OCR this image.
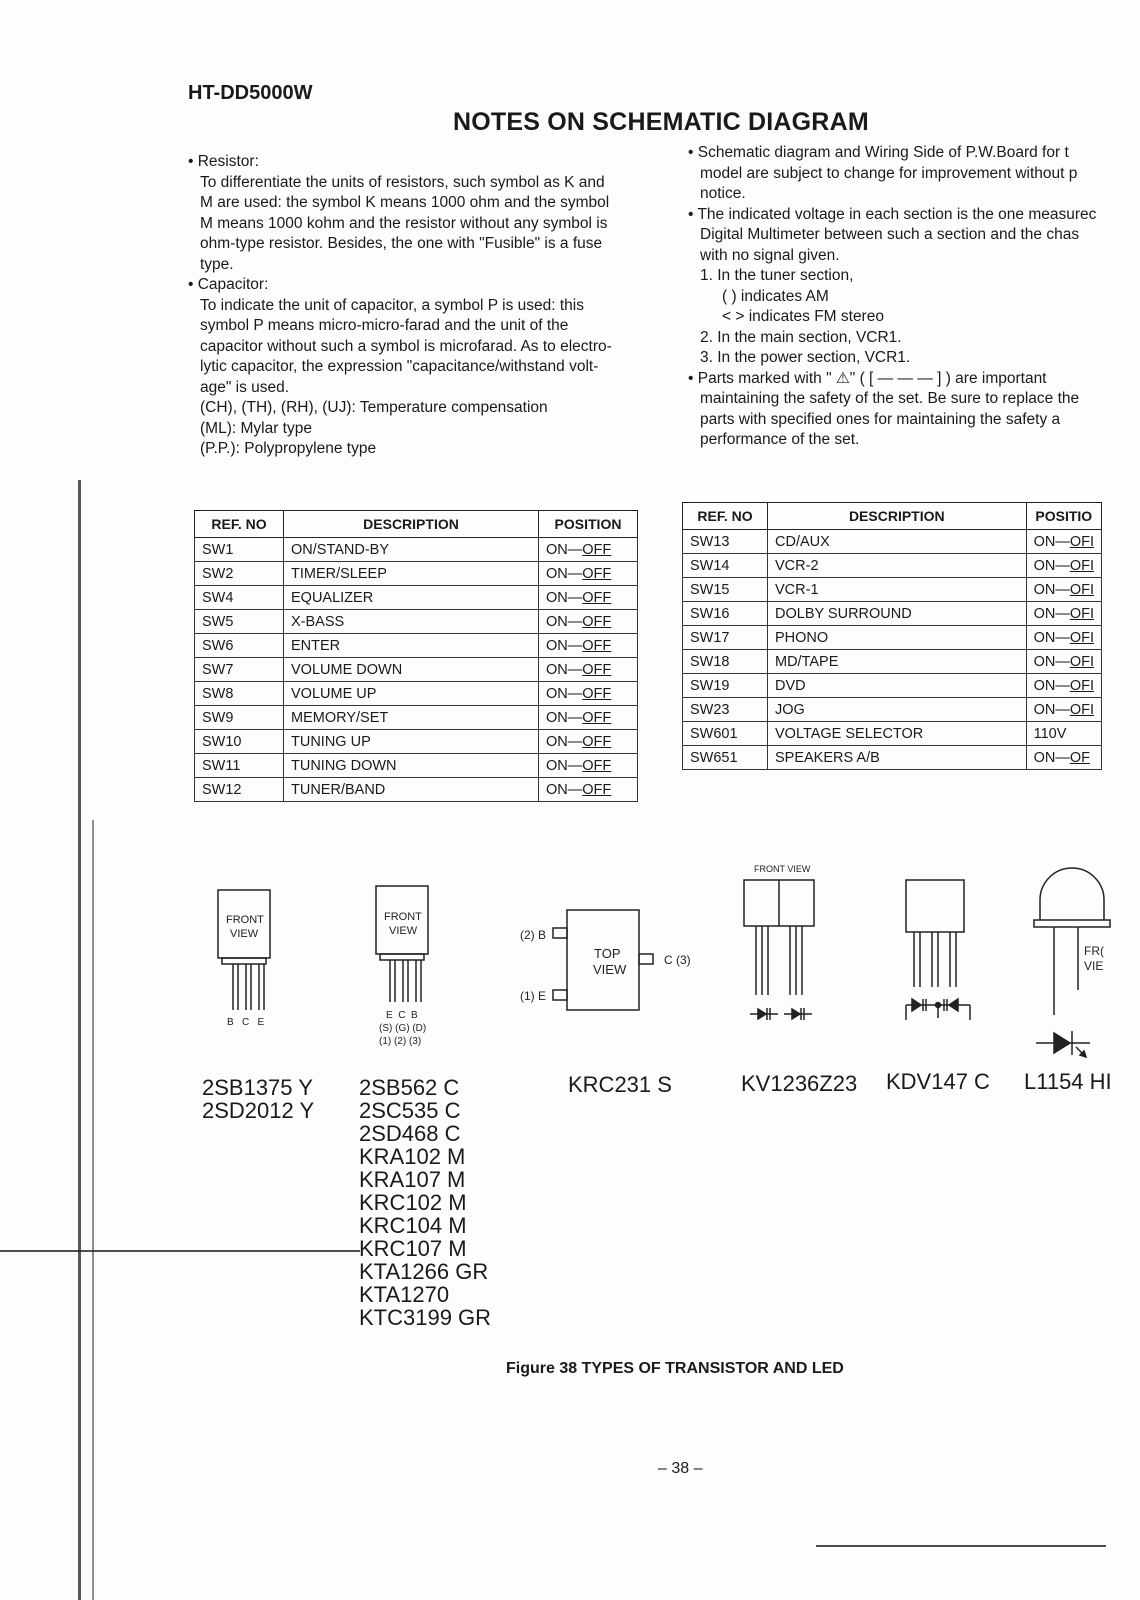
HT-DD5000W
NOTES ON SCHEMATIC DIAGRAM

• Resistor:

To differentiate the units of resistors, such symbol as K and

M are used: the symbol K means 1000 ohm and the symbol

M means 1000 kohm and the resistor without any symbol is

ohm-type resistor. Besides, the one with "Fusible" is a fuse

type.

• Capacitor:

To indicate the unit of capacitor, a symbol P is used: this

symbol P means micro-micro-farad and the unit of the

capacitor without such a symbol is microfarad. As to electro-

lytic capacitor, the expression "capacitance/withstand volt-

age" is used.

(CH), (TH), (RH), (UJ): Temperature compensation

(ML): Mylar type

(P.P.): Polypropylene type

• Schematic diagram and Wiring Side of P.W.Board for t

model are subject to change for improvement without p

notice.

• The indicated voltage in each section is the one measurec

Digital Multimeter between such a section and the chas

with no signal given.

1. In the tuner section,

( ) indicates AM

< > indicates FM stereo

2. In the main section, VCR1.

3. In the power section, VCR1.

• Parts marked with " ⚠" ( [ — — — ] ) are important

maintaining the safety of the set. Be sure to replace the

parts with specified ones for maintaining the safety a

performance of the set.

REF. NO	DESCRIPTION	POSITION
SW1	ON/STAND-BY	ON—OFF
SW2	TIMER/SLEEP	ON—OFF
SW4	EQUALIZER	ON—OFF
SW5	X-BASS	ON—OFF
SW6	ENTER	ON—OFF
SW7	VOLUME DOWN	ON—OFF
SW8	VOLUME UP	ON—OFF
SW9	MEMORY/SET	ON—OFF
SW10	TUNING UP	ON—OFF
SW11	TUNING DOWN	ON—OFF
SW12	TUNER/BAND	ON—OFF
REF. NO	DESCRIPTION	POSITIO
SW13	CD/AUX	ON—OFI
SW14	VCR-2	ON—OFI
SW15	VCR-1	ON—OFI
SW16	DOLBY SURROUND	ON—OFI
SW17	PHONO	ON—OFI
SW18	MD/TAPE	ON—OFI
SW19	DVD	ON—OFI
SW23	JOG	ON—OFI
SW601	VOLTAGE SELECTOR	110V
SW651	SPEAKERS A/B	ON—OF
FRONT
VIEW
B   C   E
FRONT
VIEW
E  C  B
(S) (G) (D)
(1) (2) (3)
TOP
VIEW
(2) B
(1) E
C (3)
FRONT VIEW
FR(
VIE
2SB1375 Y
2SD2012 Y
2SB562 C
2SC535 C
2SD468 C
KRA102 M
KRA107 M
KRC102 M
KRC104 M
KRC107 M
KTA1266 GR
KTA1270
KTC3199 GR
KRC231 S	KV1236Z23 KDV147 C L1154 HI
Figure 38 TYPES OF TRANSISTOR AND LED
– 38 –
